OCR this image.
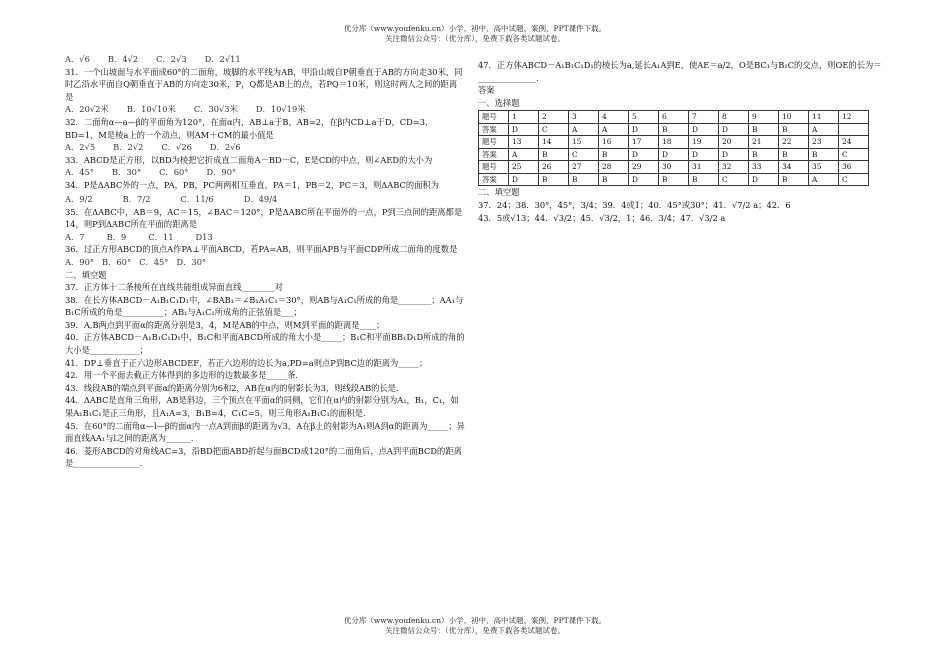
优分库（www.youfenku.cn）小学、初中、高中试题、案例、PPT课件下载。
关注微信公众号：（优分库），免费下载各类试题试卷。
A．√6 B．4√2 C．2√3 D．2√11

31．一个山坡面与水平面成60°的二面角，坡脚的水平线为AB，甲沿山坡自P朝垂直于AB的方向走30米，同时乙沿水平面自Q朝垂直于AB的方向走30米，P，Q都是AB上的点，若PQ＝10米，则这时两人之间的距离是

A．20√2米 B．10√10米 C．30√3米 D．10√19米

32．二面角α—a—β的平面角为120°，在面α内，AB⊥a于B，AB=2，在β内CD⊥a于D，CD=3，BD=1，M是棱a上的一个动点，则AM＋CM的最小值是

A．2√5 B．2√2 C．√26 D．2√6

33．ABCD是正方形，以BD为棱把它折成直二面角A－BD－C，E是CD的中点，则∠AED的大小为

A．45° B．30° C．60° D．90°

34．P是ΔABC外的一点，PA，PB，PC两两相互垂直，PA＝1，PB＝2，PC＝3，则ΔABC的面积为

A．9/2	B．7/2	C．11/6	D．49/4

35．在ΔABC中，AB＝9，AC＝15，∠BAC＝120°，P是ΔABC所在平面外的一点，P到三点间的距离都是14，则P到ΔABC所在平面的距离是

A．7	B．9	C．11	D13

36．过正方形ABCD的顶点A作PA⊥平面ABCD，若PA=AB，则平面APB与平面CDP所成二面角的度数是

A．90° B．60° C．45° D．30°

二、填空题

37．正方体十二条棱所在直线共能组成异面直线________对

38．在长方体ABCD－A₁B₁C₁D₁中，∠BAB₁＝∠B₁A₁C₁＝30°，则AB与A₁C₁所成的角是________；AA₁与B₁C所成的角是__________；AB₁与A₁C₁所成角的正弦值是___；

39．A,B两点到平面α的距离分别是3，4，M是AB的中点，则M到平面的距离是____；

40．正方体ABCD－A₁B₁C₁D₁中，B₁C和平面ABCD所成的角大小是_____；B₁C和平面BB₁D₁D所成的角的大小是____________；

41．DP⊥垂直于正六边形ABCDEF，若正六边形的边长为a,PD=a则点P到BC边的距离为_____；

42．用一个平面去截正方体得到的多边形的边数最多是_____条．

43．线段AB的端点到平面α的距离分别为6和2，AB在α内的射影长为3，则线段AB的长是．

44．ΔABC是直角三角形，AB是斜边，三个顶点在平面α的同侧，它们在α内的射影分别为A₁，B₁，C₁，如果A₁B₁C₁是正三角形，且A₁A=3，B₁B=4，C₁C=5，则三角形A₁B₁C₁的面积是．

45．在60°的二面角α—l—β的面α内一点A到面β的距离为√3，A在β上的射影为A₁则A到α的距离为_____；异面直线AA₁与l之间的距离为______．

46．菱形ABCD的对角线AC=3，沿BD把面ABD折起与面BCD成120°的二面角后，点A到平面BCD的距离是________________．

47．正方体ABCD－A₁B₁C₁D₁的棱长为a,延长A₁A到E，使AE＝a/2，O是BC₁与B₁C的交点，则OE的长为＝______________．

答案

一、选择题

题号	1	2	3	4	5	6	7	8	9	10	11	12
答案	D	C	A	A	D	B	D	D	B	B	A	
题号	13	14	15	16	17	18	19	20	21	22	23	24
答案	A	B	C	B	D	D	D	D	B	B	B	C
题号	25	26	27	28	29	30	31	32	33	34	35	36
答案	D	B	B	B	D	B	B	C	D	B	A	C

二、填空题

37．24；38．30°，45°，3/4；39．4或1；40．45°或30°；41．√7/2 a；42．6

43．5或√13；44．√3/2；45．√3/2，1；46．3/4；47．√3/2 a

优分库（www.youfenku.cn）小学、初中、高中试题、案例、PPT课件下载。
关注微信公众号：（优分库），免费下载各类试题试卷。
